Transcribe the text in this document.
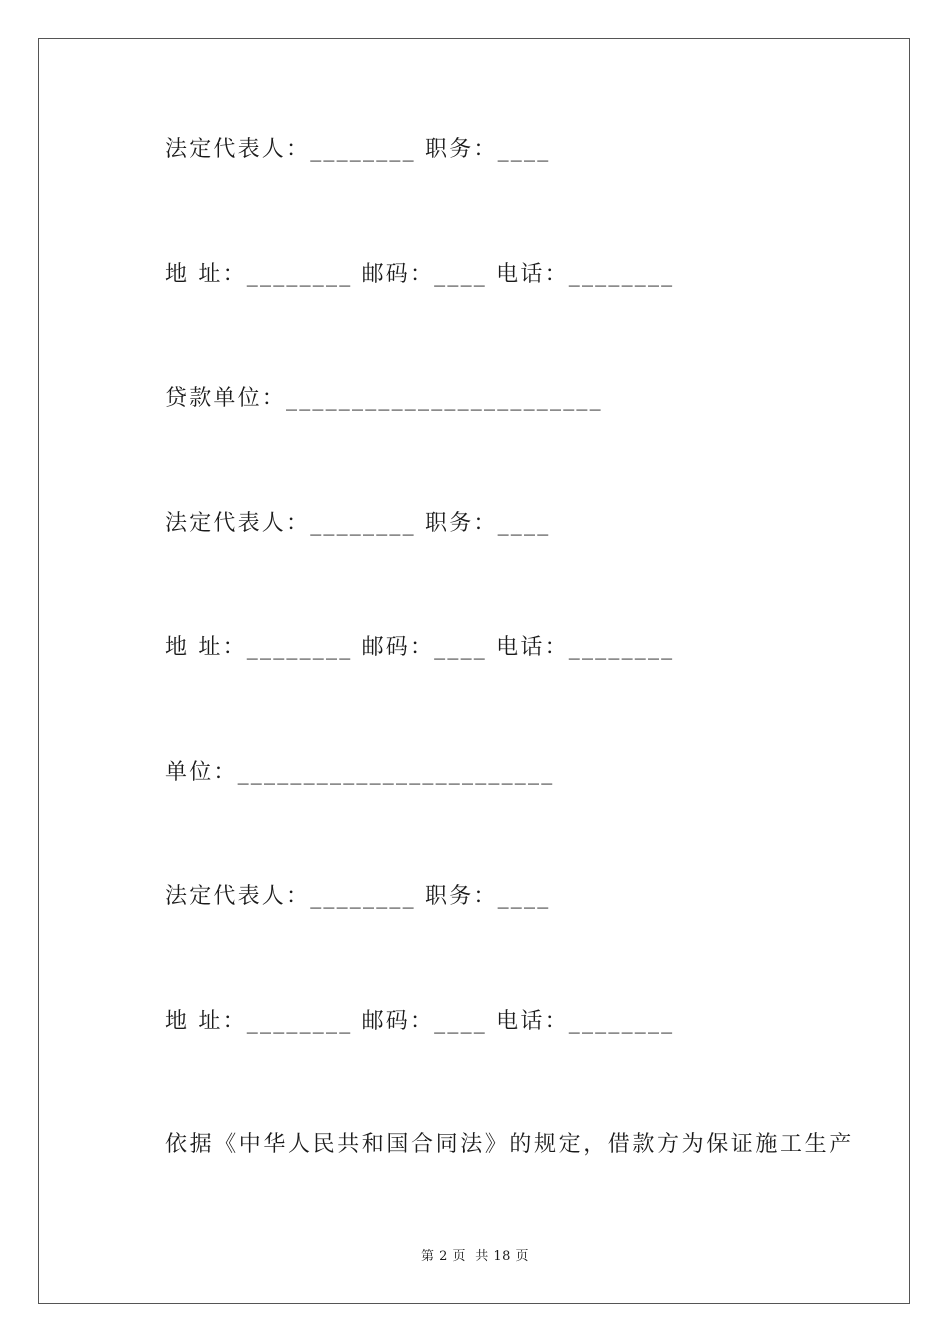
法定代表人：________ 职务：____
地 址：________ 邮码：____ 电话：________
贷款单位：________________________
法定代表人：________ 职务：____
地 址：________ 邮码：____ 电话：________
单位：________________________
法定代表人：________ 职务：____
地 址：________ 邮码：____ 电话：________
依据《中华人民共和国合同法》的规定，借款方为保证施工生产
第 2 页  共 18 页
